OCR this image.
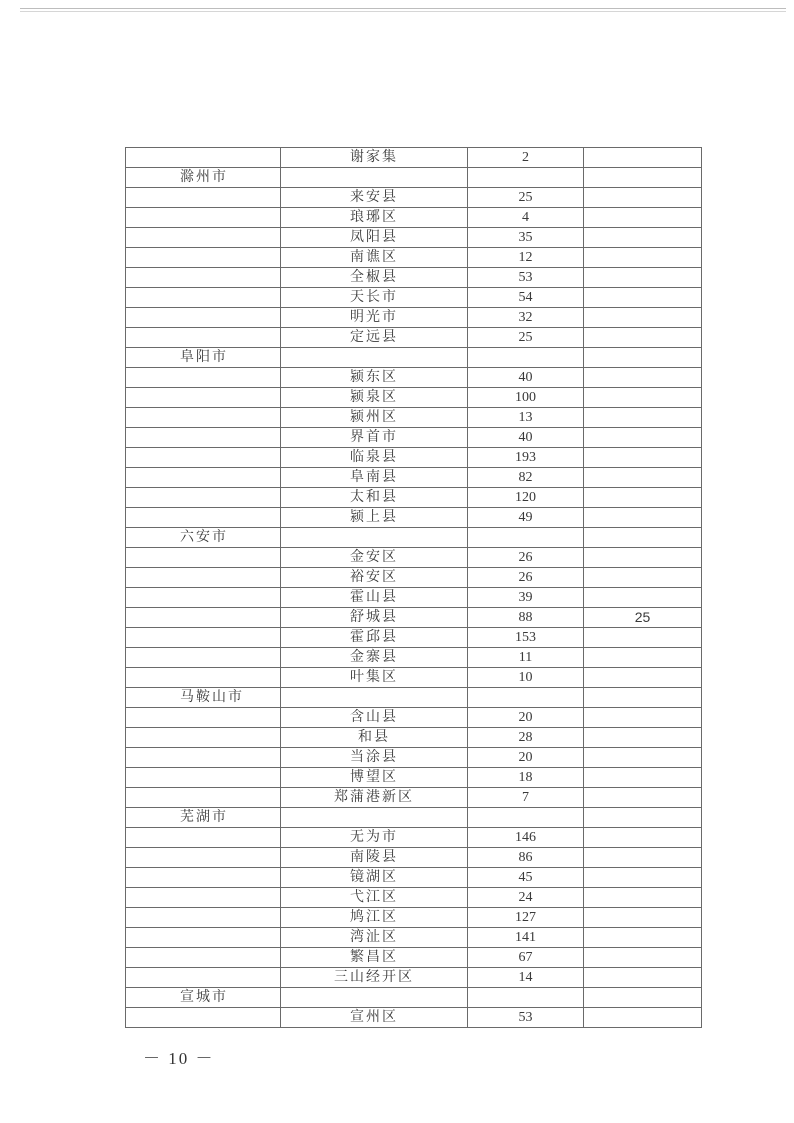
	谢家集	2	
滁州市			
	来安县	25	
	琅琊区	4	
	凤阳县	35	
	南谯区	12	
	全椒县	53	
	天长市	54	
	明光市	32	
	定远县	25	
阜阳市			
	颍东区	40	
	颍泉区	100	
	颍州区	13	
	界首市	40	
	临泉县	193	
	阜南县	82	
	太和县	120	
	颍上县	49	
六安市			
	金安区	26	
	裕安区	26	
	霍山县	39	
	舒城县	88	25
	霍邱县	153	
	金寨县	11	
	叶集区	10	
马鞍山市			
	含山县	20	
	和县	28	
	当涂县	20	
	博望区	18	
	郑蒲港新区	7	
芜湖市			
	无为市	146	
	南陵县	86	
	镜湖区	45	
	弋江区	24	
	鸠江区	127	
	湾沚区	141	
	繁昌区	67	
	三山经开区	14	
宣城市			
	宣州区	53	
－ 10 －
